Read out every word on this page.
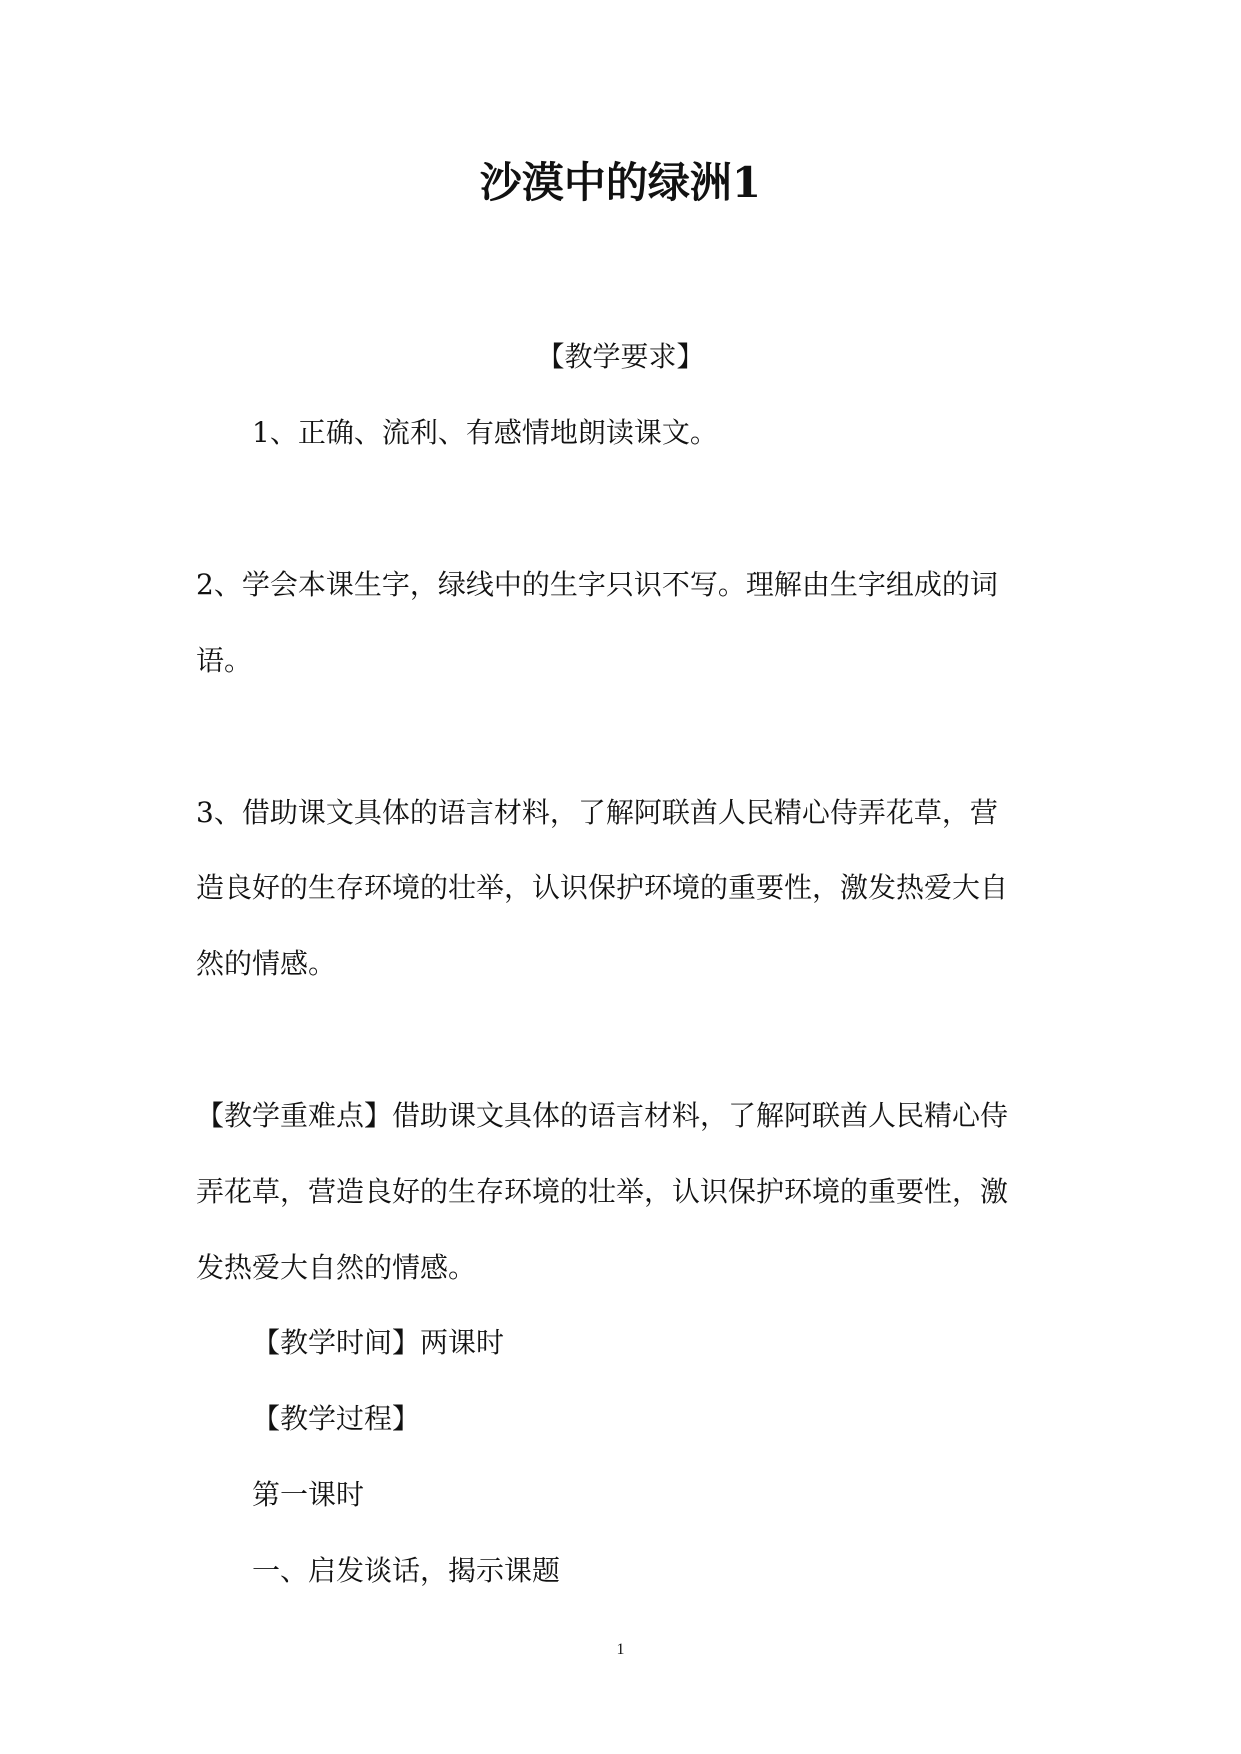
沙漠中的绿洲1

【教学要求】

1、正确、流利、有感情地朗读课文。

2、学会本课生字，绿线中的生字只识不写。理解由生字组成的词

语。

3、借助课文具体的语言材料，了解阿联酋人民精心侍弄花草，营

造良好的生存环境的壮举，认识保护环境的重要性，激发热爱大自

然的情感。

【教学重难点】借助课文具体的语言材料，了解阿联酋人民精心侍

弄花草，营造良好的生存环境的壮举，认识保护环境的重要性，激

发热爱大自然的情感。

【教学时间】两课时

【教学过程】

第一课时

一、启发谈话，揭示课题

1
